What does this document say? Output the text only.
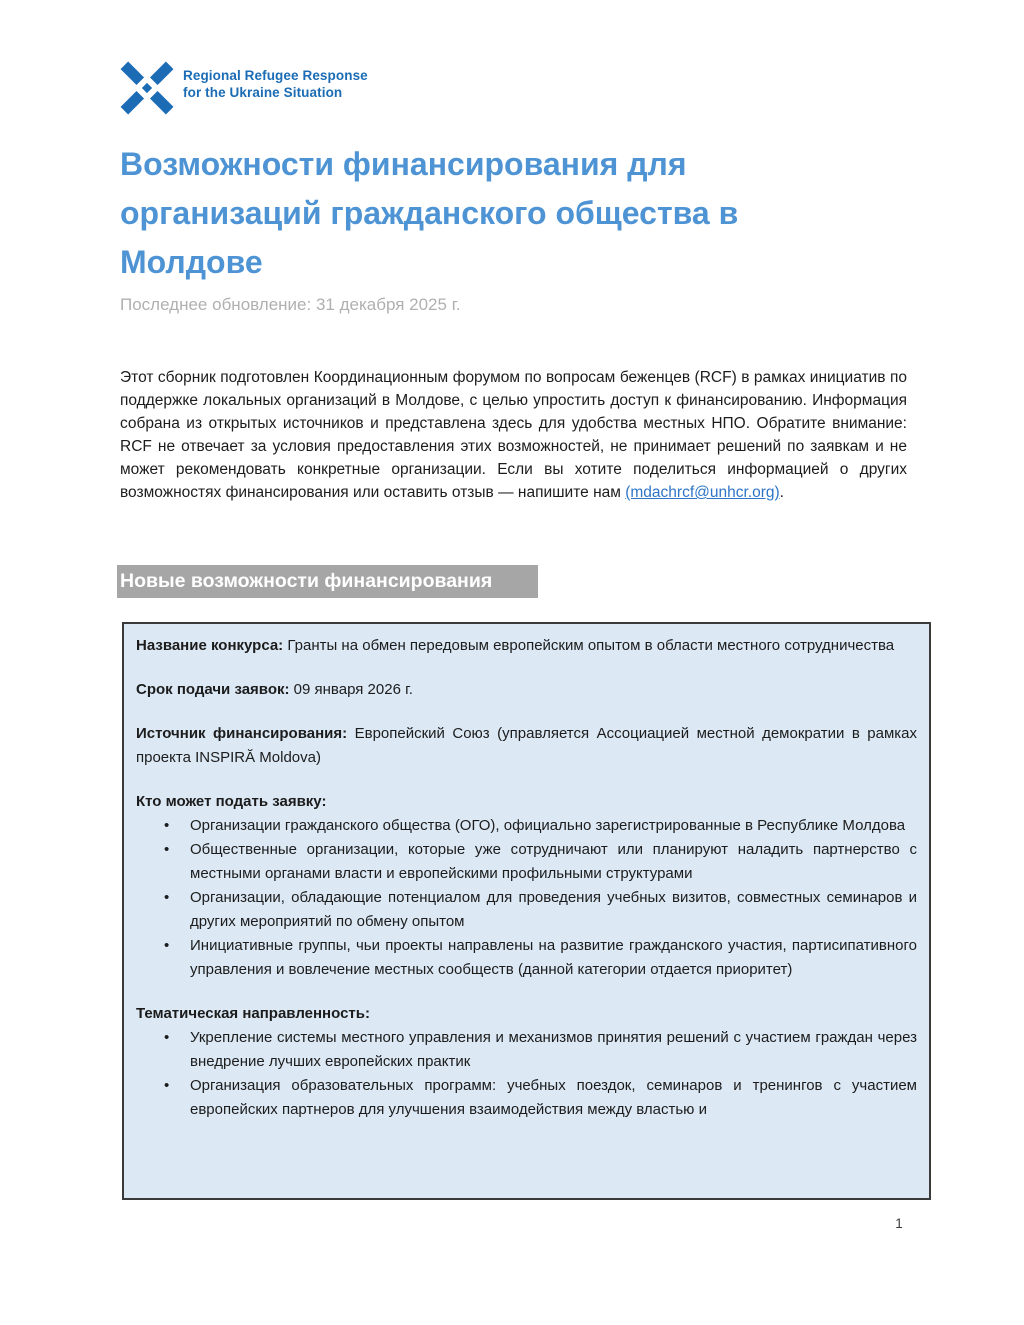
Regional Refugee Response
for the Ukraine Situation
Возможности финансирования для
организаций гражданского общества в
Молдове
Последнее обновление: 31 декабря 2025 г.

Этот сборник подготовлен Координационным форумом по вопросам беженцев (RCF) в рамках инициатив по поддержке локальных организаций в Молдове, с целью упростить доступ к финансированию. Информация собрана из открытых источников и представлена здесь для удобства местных НПО. Обратите внимание: RCF не отвечает за условия предоставления этих возможностей, не принимает решений по заявкам и не может рекомендовать конкретные организации. Если вы хотите поделиться информацией о других возможностях финансирования или оставить отзыв — напишите нам (mdachrcf@unhcr.org).

Новые возможности финансирования

Название конкурса: Гранты на обмен передовым европейским опытом в области местного сотрудничества

Срок подачи заявок: 09 января 2026 г.

Источник финансирования: Европейский Союз (управляется Ассоциацией местной демократии в рамках проекта INSPIRĂ Moldova)

Кто может подать заявку:

• Организации гражданского общества (ОГО), официально зарегистрированные в Республике Молдова
• Общественные организации, которые уже сотрудничают или планируют наладить партнерство с местными органами власти и европейскими профильными структурами
• Организации, обладающие потенциалом для проведения учебных визитов, совместных семинаров и других мероприятий по обмену опытом
• Инициативные группы, чьи проекты направлены на развитие гражданского участия, партисипативного управления и вовлечение местных сообществ (данной категории отдается приоритет)

Тематическая направленность:

• Укрепление системы местного управления и механизмов принятия решений с участием граждан через внедрение лучших европейских практик
• Организация образовательных программ: учебных поездок, семинаров и тренингов с участием европейских партнеров для улучшения взаимодействия между властью и
1
